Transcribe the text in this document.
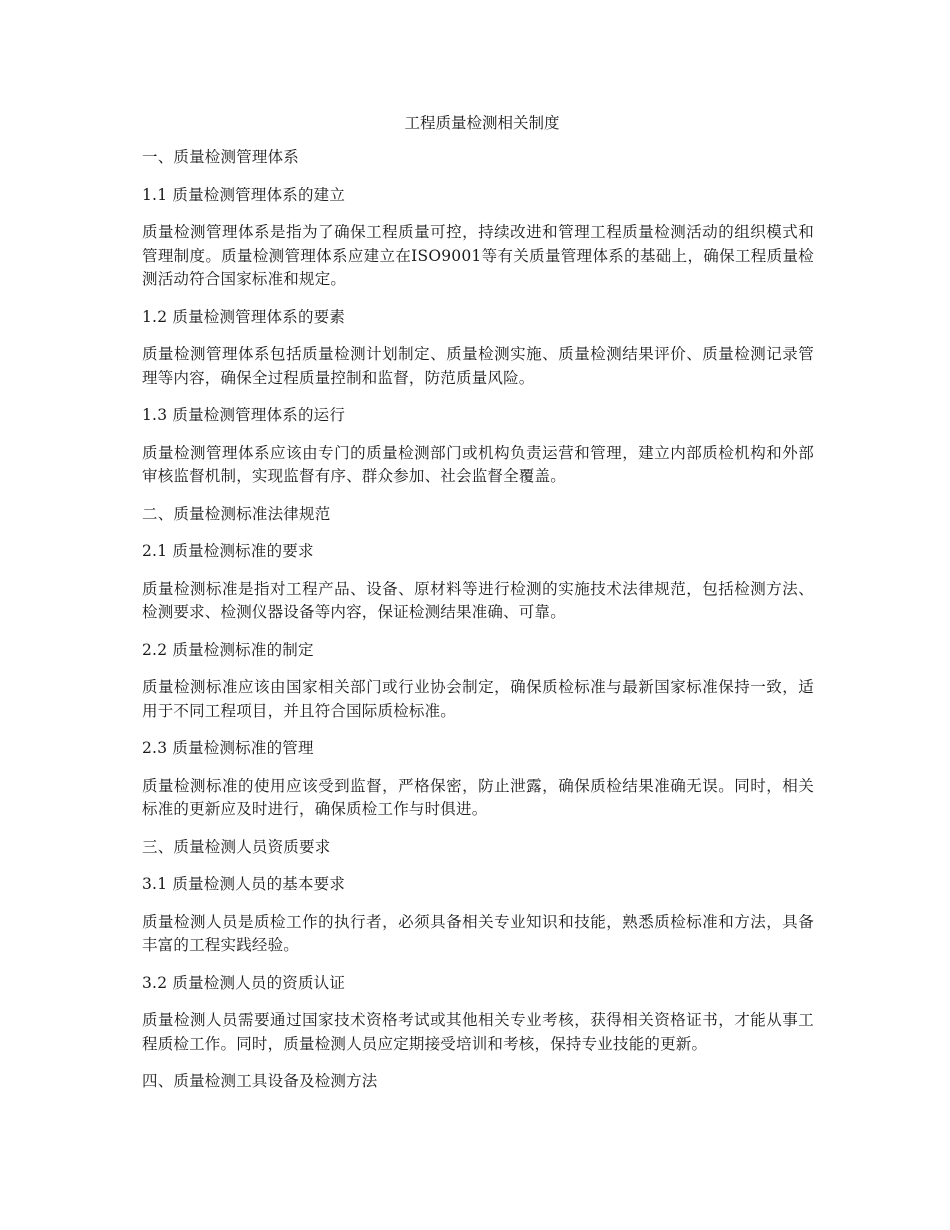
工程质量检测相关制度
一、质量检测管理体系
1.1 质量检测管理体系的建立
质量检测管理体系是指为了确保工程质量可控，持续改进和管理工程质量检测活动的组织模式和管理制度。质量检测管理体系应建立在ISO9001等有关质量管理体系的基础上，确保工程质量检测活动符合国家标准和规定。
1.2 质量检测管理体系的要素
质量检测管理体系包括质量检测计划制定、质量检测实施、质量检测结果评价、质量检测记录管理等内容，确保全过程质量控制和监督，防范质量风险。
1.3 质量检测管理体系的运行
质量检测管理体系应该由专门的质量检测部门或机构负责运营和管理，建立内部质检机构和外部审核监督机制，实现监督有序、群众参加、社会监督全覆盖。
二、质量检测标准法律规范
2.1 质量检测标准的要求
质量检测标准是指对工程产品、设备、原材料等进行检测的实施技术法律规范，包括检测方法、检测要求、检测仪器设备等内容，保证检测结果准确、可靠。
2.2 质量检测标准的制定
质量检测标准应该由国家相关部门或行业协会制定，确保质检标准与最新国家标准保持一致，适用于不同工程项目，并且符合国际质检标准。
2.3 质量检测标准的管理
质量检测标准的使用应该受到监督，严格保密，防止泄露，确保质检结果准确无误。同时，相关标准的更新应及时进行，确保质检工作与时俱进。
三、质量检测人员资质要求
3.1 质量检测人员的基本要求
质量检测人员是质检工作的执行者，必须具备相关专业知识和技能，熟悉质检标准和方法，具备丰富的工程实践经验。
3.2 质量检测人员的资质认证
质量检测人员需要通过国家技术资格考试或其他相关专业考核，获得相关资格证书，才能从事工程质检工作。同时，质量检测人员应定期接受培训和考核，保持专业技能的更新。
四、质量检测工具设备及检测方法
